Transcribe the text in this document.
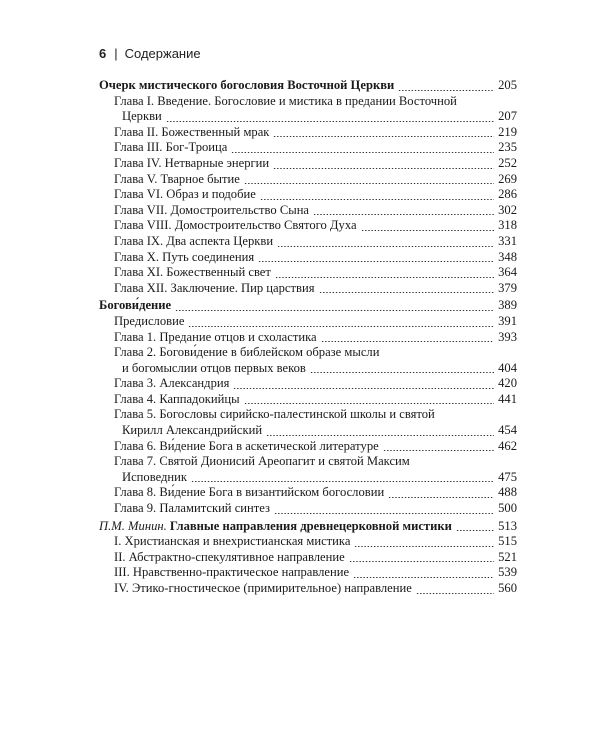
6 | Содержание
Очерк мистического богословия Восточной Церкви	205
Глава I. Введение. Богословие и мистика в предании Восточной
Церкви	207
Глава II. Божественный мрак	219
Глава III. Бог-Троица	235
Глава IV. Нетварные энергии	252
Глава V. Тварное бытие	269
Глава VI. Образ и подобие	286
Глава VII. Домостроительство Сына	302
Глава VIII. Домостроительство Святого Духа	318
Глава IX. Два аспекта Церкви	331
Глава X. Путь соединения	348
Глава XI. Божественный свет	364
Глава XII. Заключение. Пир царствия	379
Богови́дение	389
Предисловие	391
Глава 1. Предание отцов и схоластика	393
Глава 2. Богови́дение в библейском образе мысли
и богомыслии отцов первых веков	404
Глава 3. Александрия	420
Глава 4. Каппадокийцы	441
Глава 5. Богословы сирийско-палестинской школы и святой
Кирилл Александрийский	454
Глава 6. Ви́дение Бога в аскетической литературе	462
Глава 7. Святой Дионисий Ареопагит и святой Максим
Исповедник	475
Глава 8. Ви́дение Бога в византийском богословии	488
Глава 9. Паламитский синтез	500
П.М. Минин. Главные направления древнецерковной мистики	513
I. Христианская и внехристианская мистика	515
II. Абстрактно-спекулятивное направление	521
III. Нравственно-практическое направление	539
IV. Этико-гностическое (примирительное) направление	560
